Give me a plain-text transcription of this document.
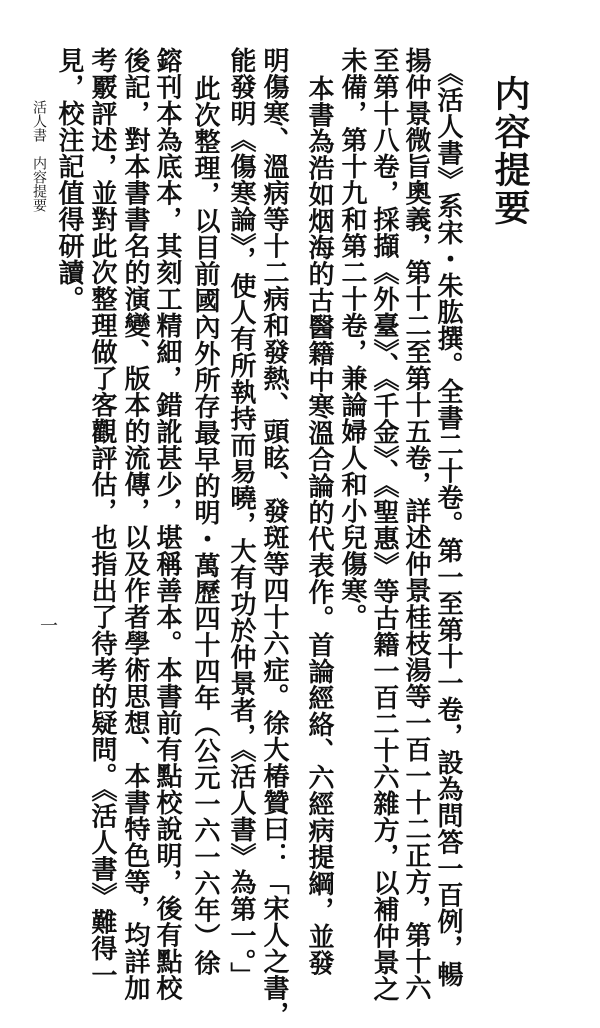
内容提要
《活人書》系宋・朱肱撰。全書二十卷。第一至第十一卷，設為問答一百例，暢
揚仲景微旨奧義，第十二至第十五卷，詳述仲景桂枝湯等一百一十二正方，第十六
至第十八卷，採擷《外臺》、《千金》、《聖惠》等古籍一百二十六雜方，以補仲景之
未備，第十九和第二十卷，兼論婦人和小兒傷寒。
本書為浩如烟海的古醫籍中寒溫合論的代表作。首論經絡、六經病提綱，並發
明傷寒、溫病等十二病和發熱、頭眩、發斑等四十六症。徐大椿贊曰：「宋人之書，
能發明《傷寒論》，使人有所執持而易曉，大有功於仲景者，《活人書》為第一。」
此次整理，以目前國內外所存最早的明・萬歷四十四年（公元一六一六年）徐
鎔刊本為底本，其刻工精細，錯訛甚少，堪稱善本。本書前有點校說明，後有點校
後記，對本書書名的演變、版本的流傳，以及作者學術思想、本書特色等，均詳加
考覈評述，並對此次整理做了客觀評估，也指出了待考的疑問。《活人書》難得一
見，校注記值得研讀。
活人書　内容提要
一
